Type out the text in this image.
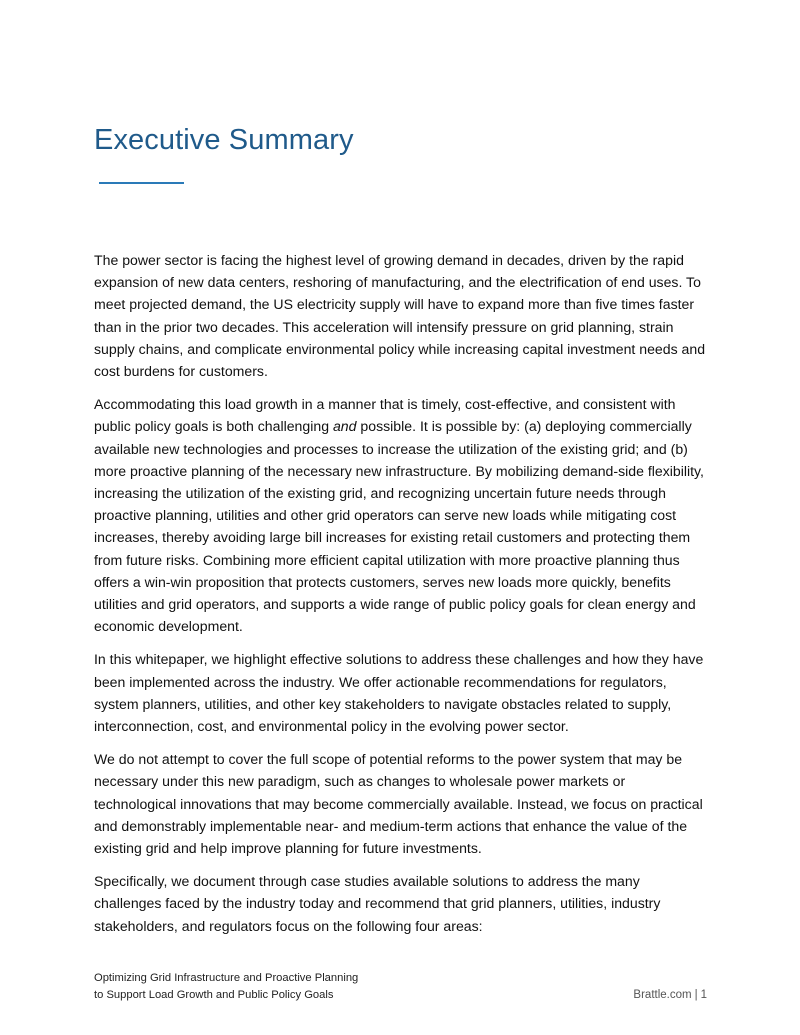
Executive Summary

The power sector is facing the highest level of growing demand in decades, driven by the rapid expansion of new data centers, reshoring of manufacturing, and the electrification of end uses. To meet projected demand, the US electricity supply will have to expand more than five times faster than in the prior two decades. This acceleration will intensify pressure on grid planning, strain supply chains, and complicate environmental policy while increasing capital investment needs and cost burdens for customers.

Accommodating this load growth in a manner that is timely, cost-effective, and consistent with public policy goals is both challenging and possible. It is possible by: (a) deploying commercially available new technologies and processes to increase the utilization of the existing grid; and (b) more proactive planning of the necessary new infrastructure. By mobilizing demand-side flexibility, increasing the utilization of the existing grid, and recognizing uncertain future needs through proactive planning, utilities and other grid operators can serve new loads while mitigating cost increases, thereby avoiding large bill increases for existing retail customers and protecting them from future risks. Combining more efficient capital utilization with more proactive planning thus offers a win-win proposition that protects customers, serves new loads more quickly, benefits utilities and grid operators, and supports a wide range of public policy goals for clean energy and economic development.

In this whitepaper, we highlight effective solutions to address these challenges and how they have been implemented across the industry. We offer actionable recommendations for regulators, system planners, utilities, and other key stakeholders to navigate obstacles related to supply, interconnection, cost, and environmental policy in the evolving power sector.

We do not attempt to cover the full scope of potential reforms to the power system that may be necessary under this new paradigm, such as changes to wholesale power markets or technological innovations that may become commercially available. Instead, we focus on practical and demonstrably implementable near- and medium-term actions that enhance the value of the existing grid and help improve planning for future investments.

Specifically, we document through case studies available solutions to address the many challenges faced by the industry today and recommend that grid planners, utilities, industry stakeholders, and regulators focus on the following four areas:

Optimizing Grid Infrastructure and Proactive Planning
to Support Load Growth and Public Policy Goals	Brattle.com | 1
